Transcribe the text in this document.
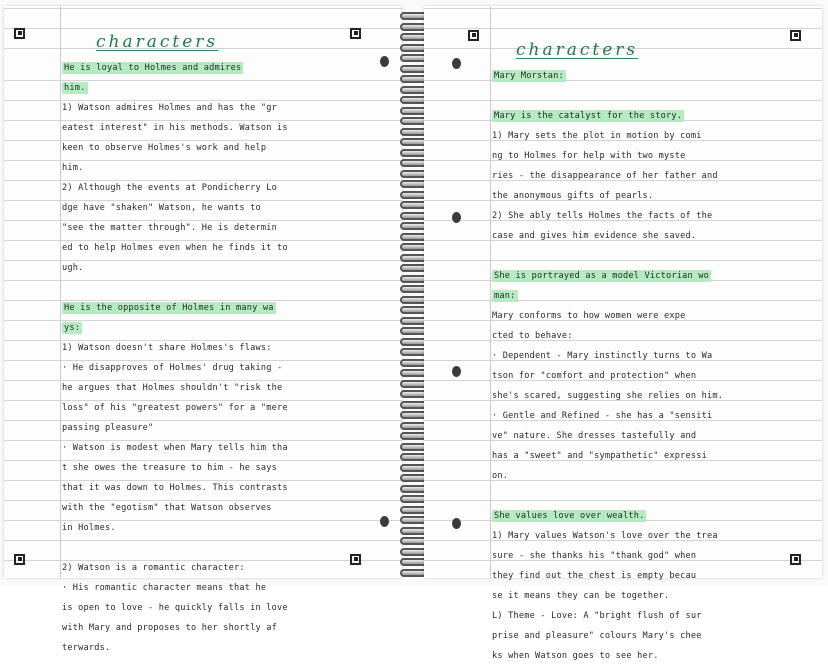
characters
He is loyal to Holmes and admires
him.
1) Watson admires Holmes and has the "gr
eatest interest" in his methods. Watson is
keen to observe Holmes's work and help
him.
2) Although the events at Pondicherry Lo
dge have "shaken" Watson, he wants to
"see the matter through". He is determin
ed to help Holmes even when he finds it to
ugh.
He is the opposite of Holmes in many wa
ys:
1) Watson doesn't share Holmes's flaws:
· He disapproves of Holmes' drug taking -
he argues that Holmes shouldn't "risk the
loss" of his "greatest powers" for a "mere
passing pleasure"
· Watson is modest when Mary tells him tha
t she owes the treasure to him - he says
that it was down to Holmes. This contrasts
with the "egotism" that Watson observes
in Holmes.
2) Watson is a romantic character:
· His romantic character means that he
is open to love - he quickly falls in love
with Mary and proposes to her shortly af
terwards.
characters
Mary Morstan:
Mary is the catalyst for the story.
1) Mary sets the plot in motion by comi
ng to Holmes for help with two myste
ries - the disappearance of her father and
the anonymous gifts of pearls.
2) She ably tells Holmes the facts of the
case and gives him evidence she saved.
She is portrayed as a model Victorian wo
man:
Mary conforms to how women were expe
cted to behave:
· Dependent - Mary instinctly turns to Wa
tson for "comfort and protection" when
she's scared, suggesting she relies on him.
· Gentle and Refined - she has a "sensiti
ve" nature. She dresses tastefully and
has a "sweet" and "sympathetic" expressi
on.
She values love over wealth.
1) Mary values Watson's love over the trea
sure - she thanks his "thank god" when
they find out the chest is empty becau
se it means they can be together.
L) Theme - Love: A "bright flush of sur
prise and pleasure" colours Mary's chee
ks when Watson goes to see her.
